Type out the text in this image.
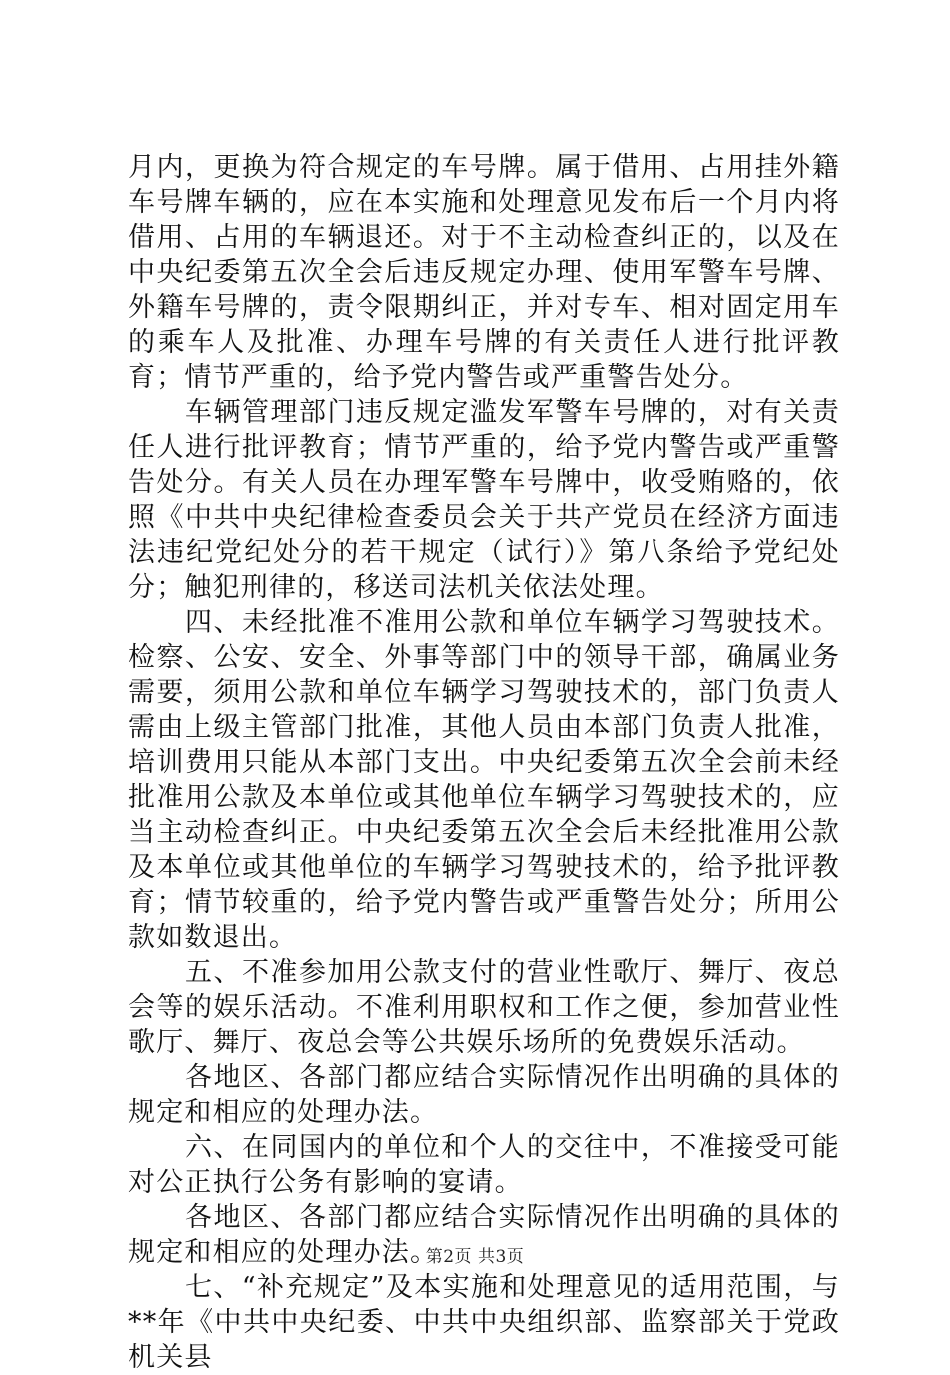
月内，更换为符合规定的车号牌。属于借用、占用挂外籍车号牌车辆的，应在本实施和处理意见发布后一个月内将借用、占用的车辆退还。对于不主动检查纠正的，以及在中央纪委第五次全会后违反规定办理、使用军警车号牌、外籍车号牌的，责令限期纠正，并对专车、相对固定用车的乘车人及批准、办理车号牌的有关责任人进行批评教育；情节严重的，给予党内警告或严重警告处分。

车辆管理部门违反规定滥发军警车号牌的，对有关责任人进行批评教育；情节严重的，给予党内警告或严重警告处分。有关人员在办理军警车号牌中，收受贿赂的，依照《中共中央纪律检查委员会关于共产党员在经济方面违法违纪党纪处分的若干规定（试行）》第八条给予党纪处分；触犯刑律的，移送司法机关依法处理。

四、未经批准不准用公款和单位车辆学习驾驶技术。检察、公安、安全、外事等部门中的领导干部，确属业务需要，须用公款和单位车辆学习驾驶技术的，部门负责人需由上级主管部门批准，其他人员由本部门负责人批准，培训费用只能从本部门支出。中央纪委第五次全会前未经批准用公款及本单位或其他单位车辆学习驾驶技术的，应当主动检查纠正。中央纪委第五次全会后未经批准用公款及本单位或其他单位的车辆学习驾驶技术的，给予批评教育；情节较重的，给予党内警告或严重警告处分；所用公款如数退出。

五、不准参加用公款支付的营业性歌厅、舞厅、夜总会等的娱乐活动。不准利用职权和工作之便，参加营业性歌厅、舞厅、夜总会等公共娱乐场所的免费娱乐活动。

各地区、各部门都应结合实际情况作出明确的具体的规定和相应的处理办法。

六、在同国内的单位和个人的交往中，不准接受可能对公正执行公务有影响的宴请。

各地区、各部门都应结合实际情况作出明确的具体的规定和相应的处理办法。

七、“补充规定”及本实施和处理意见的适用范围，与**年《中共中央纪委、中共中央组织部、监察部关于党政机关县

第2页 共3页
